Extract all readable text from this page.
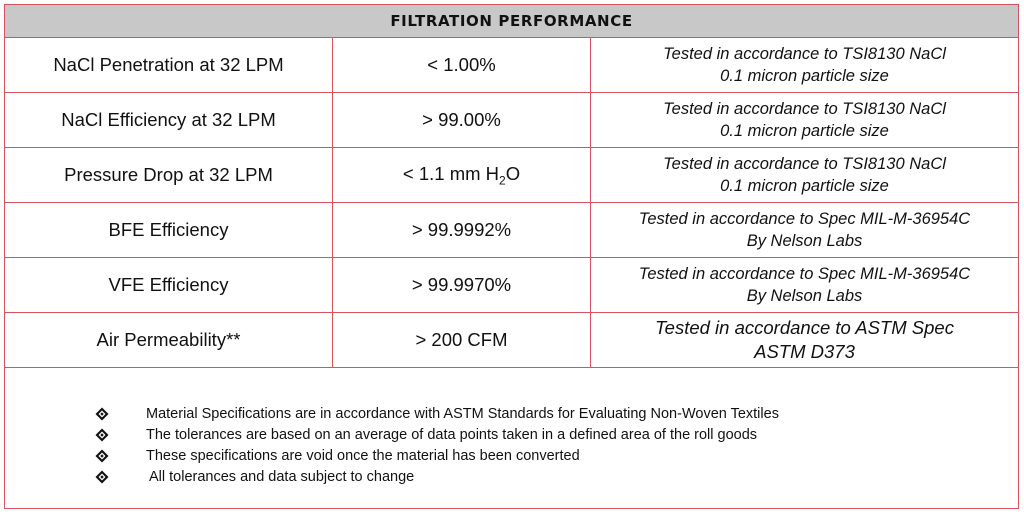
FILTRATION PERFORMANCE
NaCl Penetration at 32 LPM	< 1.00%	Tested in accordance to TSI8130 NaCl
0.1 micron particle size

NaCl Efficiency at 32 LPM	> 99.00%	Tested in accordance to TSI8130 NaCl
0.1 micron particle size

Pressure Drop at 32 LPM	< 1.1 mm $H_2O$	Tested in accordance to TSI8130 NaCl
0.1 micron particle size

BFE Efficiency	> 99.9992%	Tested in accordance to Spec MIL-M-36954C
By Nelson Labs

VFE Efficiency	> 99.9970%	Tested in accordance to Spec MIL-M-36954C
By Nelson Labs

Air Permeability**	> 200 CFM	Tested in accordance to ASTM Spec
ASTM D373
Material Specifications are in accordance with ASTM Standards for Evaluating Non-Woven Textiles
The tolerances are based on an average of data points taken in a defined area of the roll goods
These specifications are void once the material has been converted
All tolerances and data subject to change
